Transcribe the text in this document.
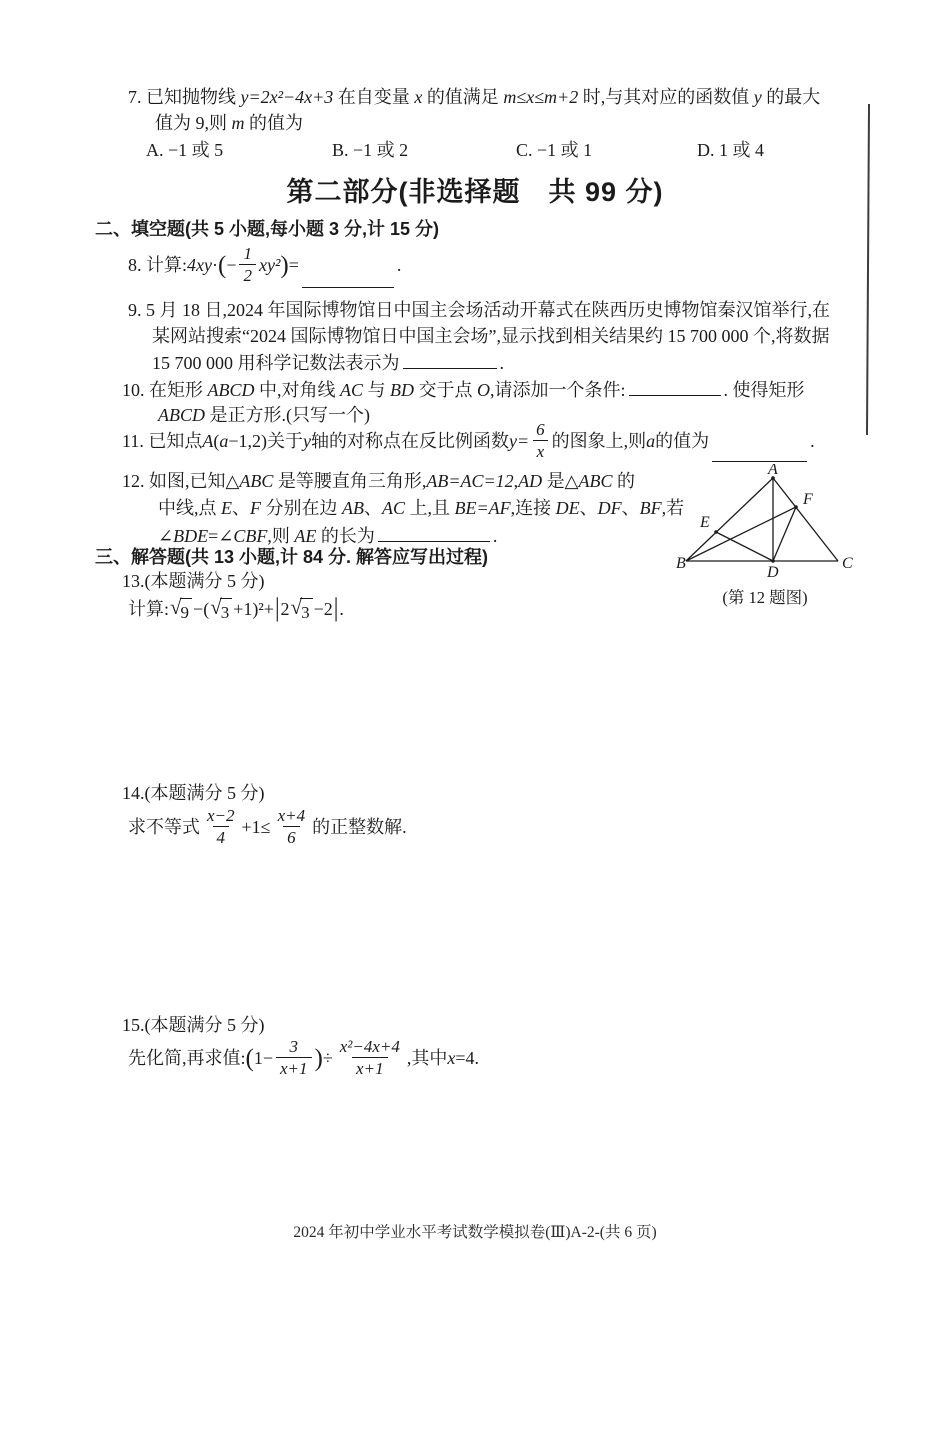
7. 已知抛物线 y=2x²−4x+3 在自变量 x 的值满足 m≤x≤m+2 时,与其对应的函数值 y 的最大
值为 9,则 m 的值为
A. −1 或 5	B. −1 或 2	C. −1 或 1	D. 1 或 4
第二部分(非选择题　共 99 分)
二、填空题(共 5 小题,每小题 3 分,计 15 分)
8. 计算: 4xy · ( − $\frac{1}{2} xy^2$ ) =	.
9. 5 月 18 日,2024 年国际博物馆日中国主会场活动开幕式在陕西历史博物馆秦汉馆举行,在
某网站搜索“2024 国际博物馆日中国主会场”,显示找到相关结果约 15 700 000 个,将数据
15 700 000 用科学记数法表示为	.
10. 在矩形 ABCD 中,对角线 AC 与 BD 交于点 O,请添加一个条件:	. 使得矩形
ABCD 是正方形.(只写一个)
11. 已知点 A ( a −1,2) 关于 y 轴的对称点在反比例函数 $y= \frac{6}{x}$ 的图象上,则 a 的值为	.
12. 如图,已知△ABC 是等腰直角三角形,AB=AC=12,AD 是△ABC 的
中线,点 E、F 分别在边 AB、AC 上,且 BE=AF,连接 DE、DF、BF,若
∠BDE=∠CBF,则 AE 的长为	.
A
B	C
D
E
F
(第 12 题图)
三、解答题(共 13 小题,计 84 分. 解答应写出过程)
13.(本题满分 5 分)
计算: √ 9 −( √ 3 +1)²+|2 √ 3 −2|.
14.(本题满分 5 分)
求不等式 $\frac{x-2}{4} +1\le \frac{x+4}{6}$ 的正整数解.
15.(本题满分 5 分)
先化简,再求值: ( $1- \frac{3}{x+1}$ ) ÷ $\frac{\text{x²−4x+4}}{x+1}$ ,其中 x =4.
2024 年初中学业水平考试数学模拟卷(Ⅲ)A-2-(共 6 页)
